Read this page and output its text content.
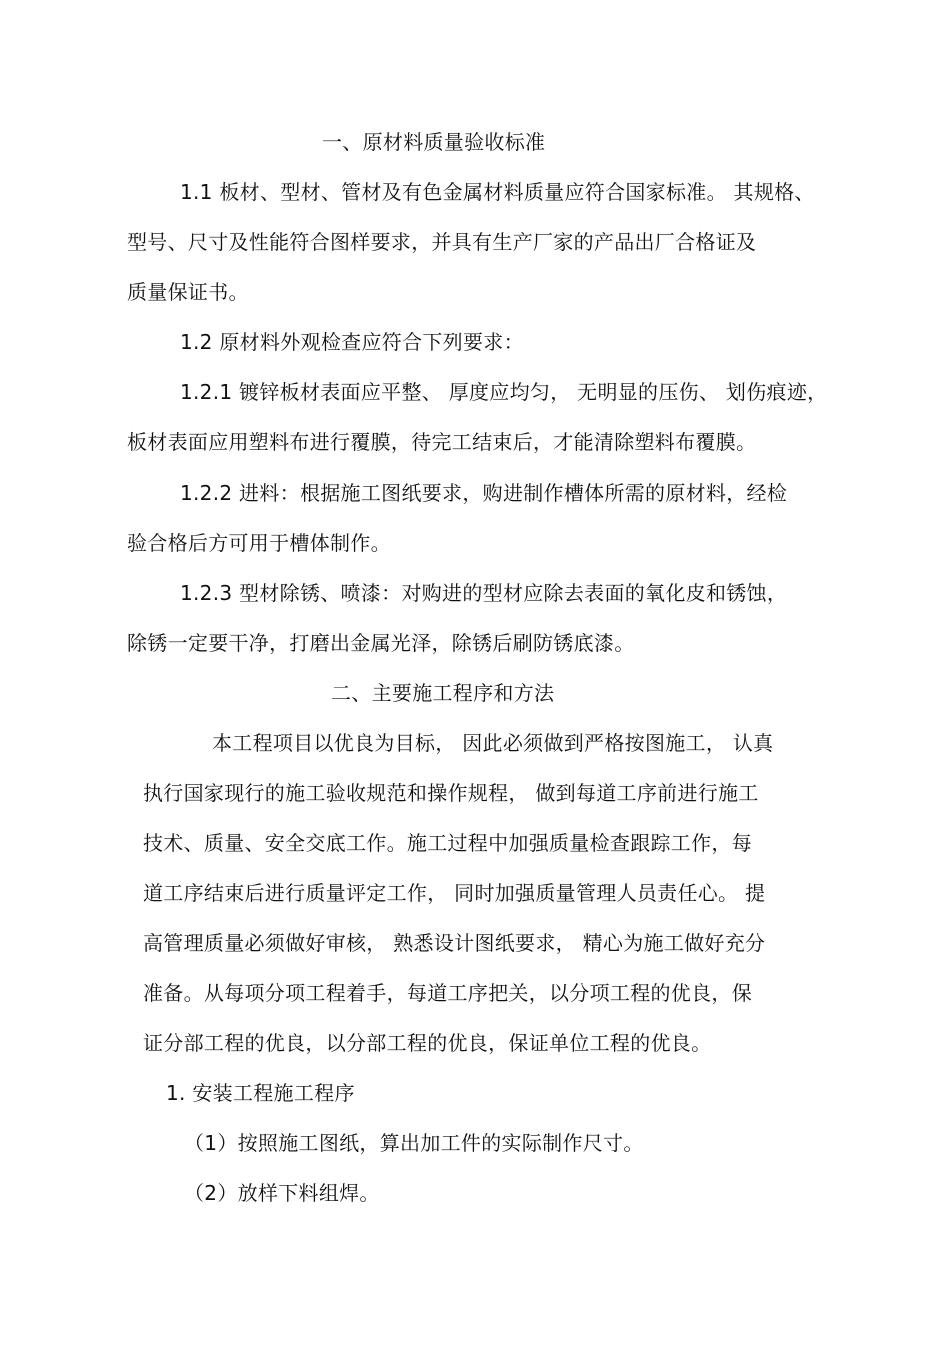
一、原材料质量验收标准
1.1 板材、型材、管材及有色金属材料质量应符合国家标准。 其规格、
型号、尺寸及性能符合图样要求，并具有生产厂家的产品出厂合格证及
质量保证书。
1.2 原材料外观检查应符合下列要求：
1.2.1 镀锌板材表面应平整、 厚度应均匀， 无明显的压伤、 划伤痕迹，
板材表面应用塑料布进行覆膜，待完工结束后，才能清除塑料布覆膜。
1.2.2 进料：根据施工图纸要求，购进制作槽体所需的原材料，经检
验合格后方可用于槽体制作。
1.2.3 型材除锈、喷漆：对购进的型材应除去表面的氧化皮和锈蚀，
除锈一定要干净，打磨出金属光泽，除锈后刷防锈底漆。
二、主要施工程序和方法
本工程项目以优良为目标， 因此必须做到严格按图施工， 认真
执行国家现行的施工验收规范和操作规程， 做到每道工序前进行施工
技术、质量、安全交底工作。施工过程中加强质量检查跟踪工作，每
道工序结束后进行质量评定工作， 同时加强质量管理人员责任心。 提
高管理质量必须做好审核， 熟悉设计图纸要求， 精心为施工做好充分
准备。从每项分项工程着手，每道工序把关，以分项工程的优良，保
证分部工程的优良，以分部工程的优良，保证单位工程的优良。
1. 安装工程施工程序
（1）按照施工图纸，算出加工件的实际制作尺寸。
（2）放样下料组焊。
